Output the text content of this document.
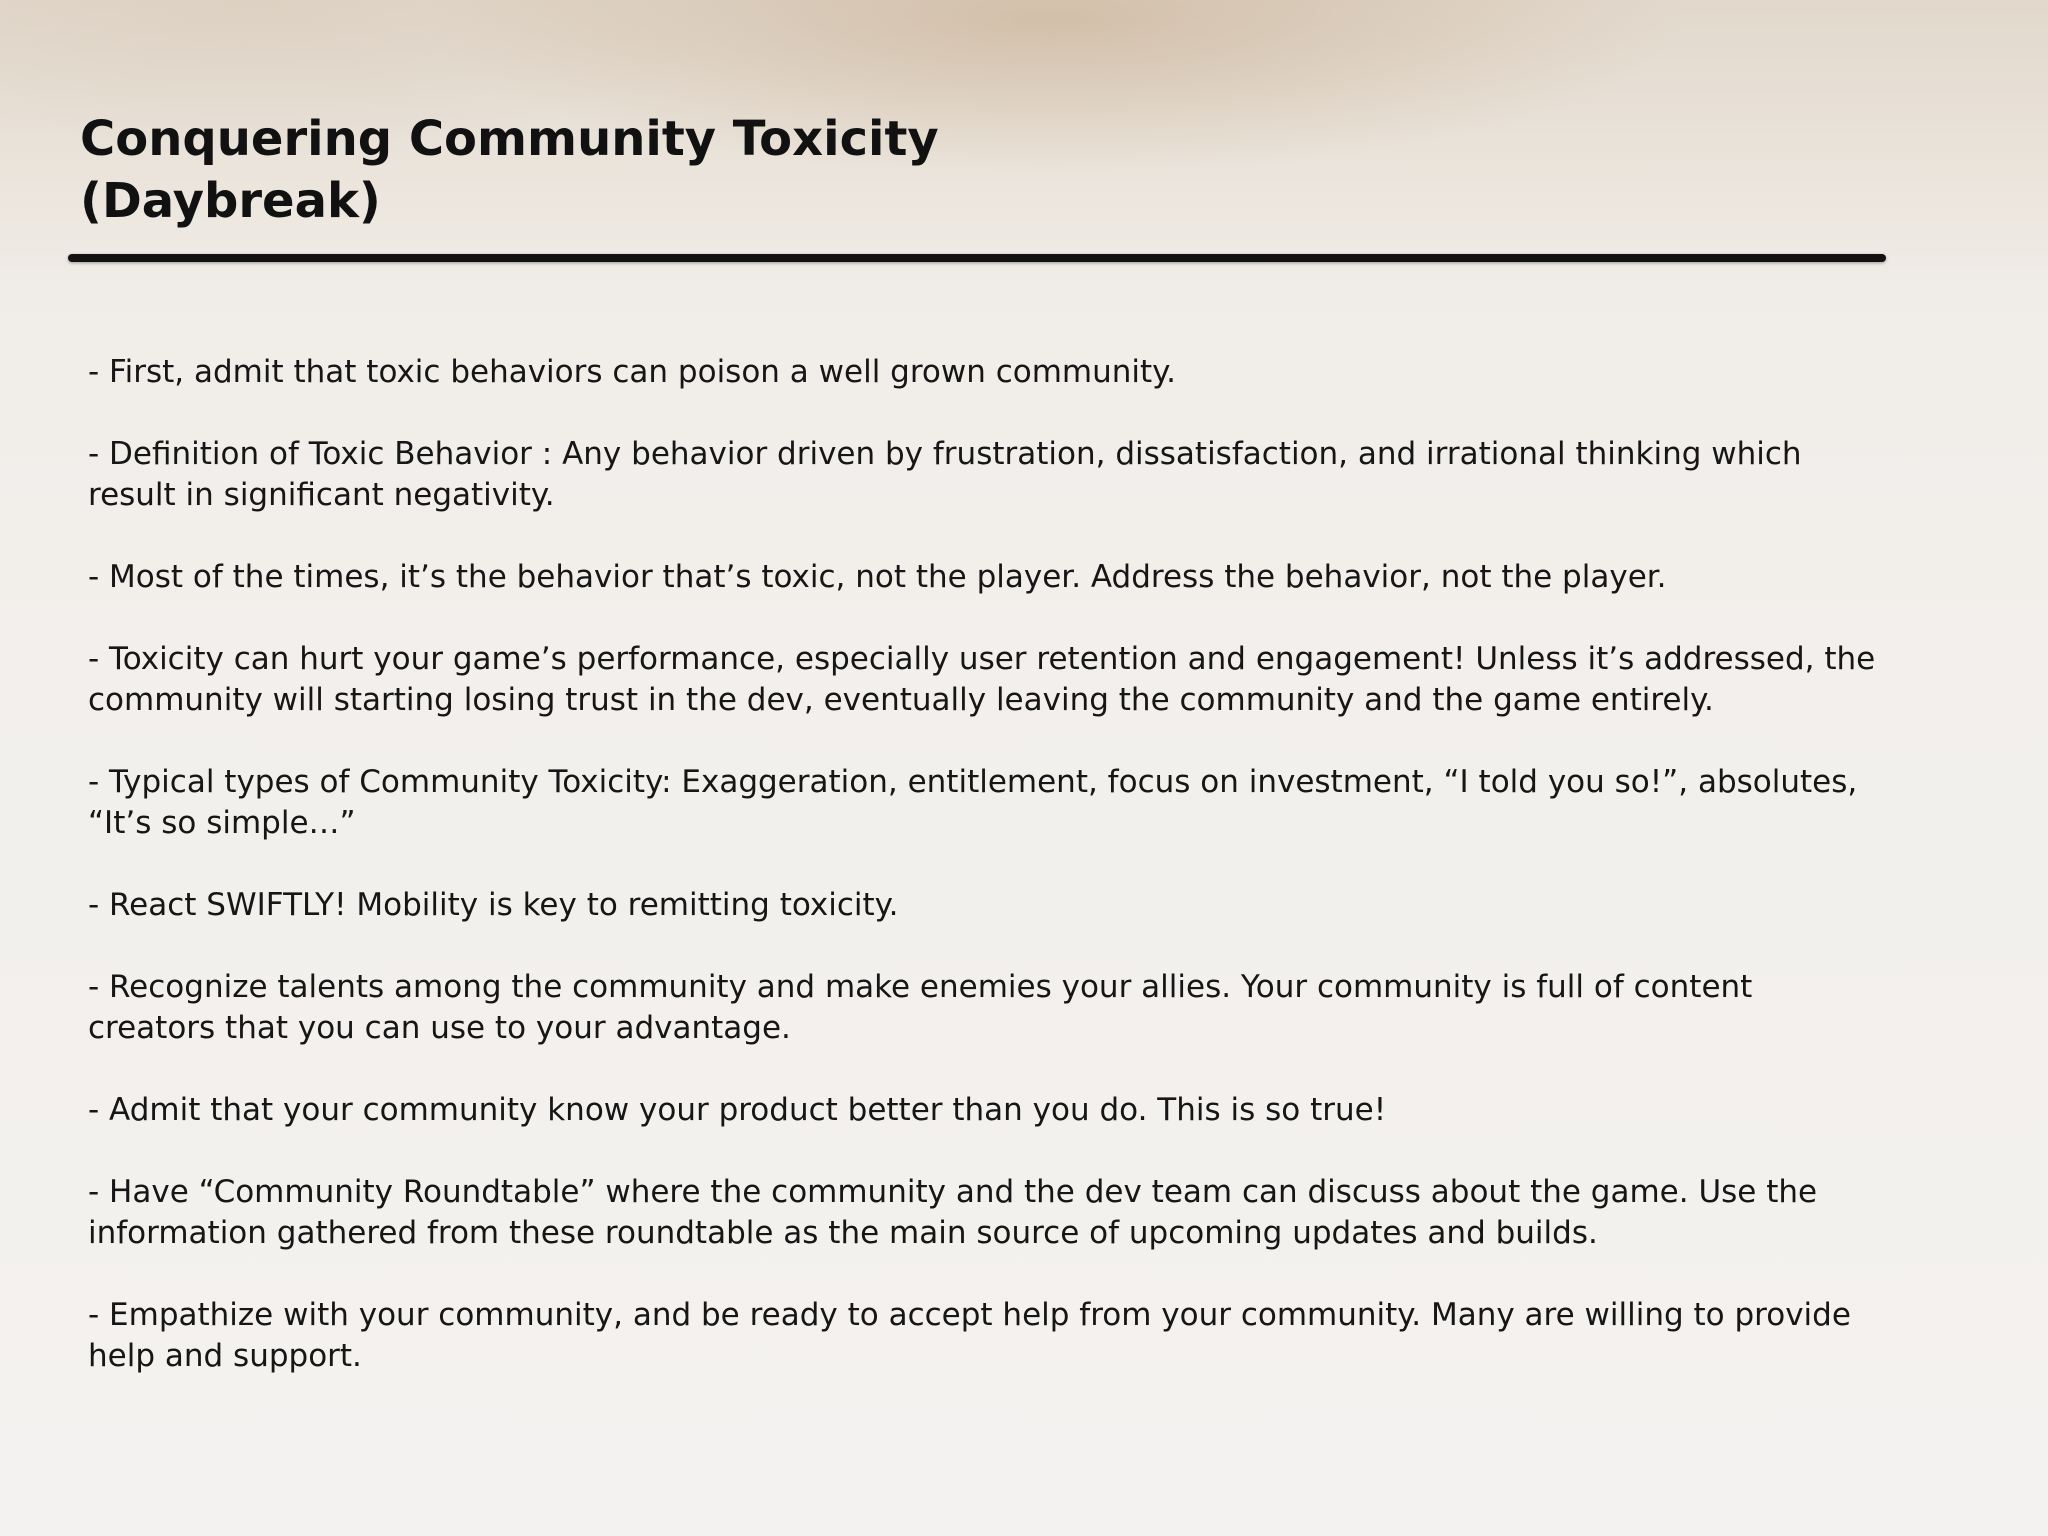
Conquering Community Toxicity
(Daybreak)
- First, admit that toxic behaviors can poison a well grown community.
- Definition of Toxic Behavior : Any behavior driven by frustration, dissatisfaction, and irrational thinking which result in significant negativity.
- Most of the times, it’s the behavior that’s toxic, not the player. Address the behavior, not the player.
- Toxicity can hurt your game’s performance, especially user retention and engagement! Unless it’s addressed, the community will starting losing trust in the dev, eventually leaving the community and the game entirely.
- Typical types of Community Toxicity: Exaggeration, entitlement, focus on investment, “I told you so!”, absolutes, “It’s so simple…”
- React SWIFTLY! Mobility is key to remitting toxicity.
- Recognize talents among the community and make enemies your allies. Your community is full of content creators that you can use to your advantage.
- Admit that your community know your product better than you do. This is so true!
- Have “Community Roundtable” where the community and the dev team can discuss about the game. Use the information gathered from these roundtable as the main source of upcoming updates and builds.
- Empathize with your community, and be ready to accept help from your community. Many are willing to provide help and support.
